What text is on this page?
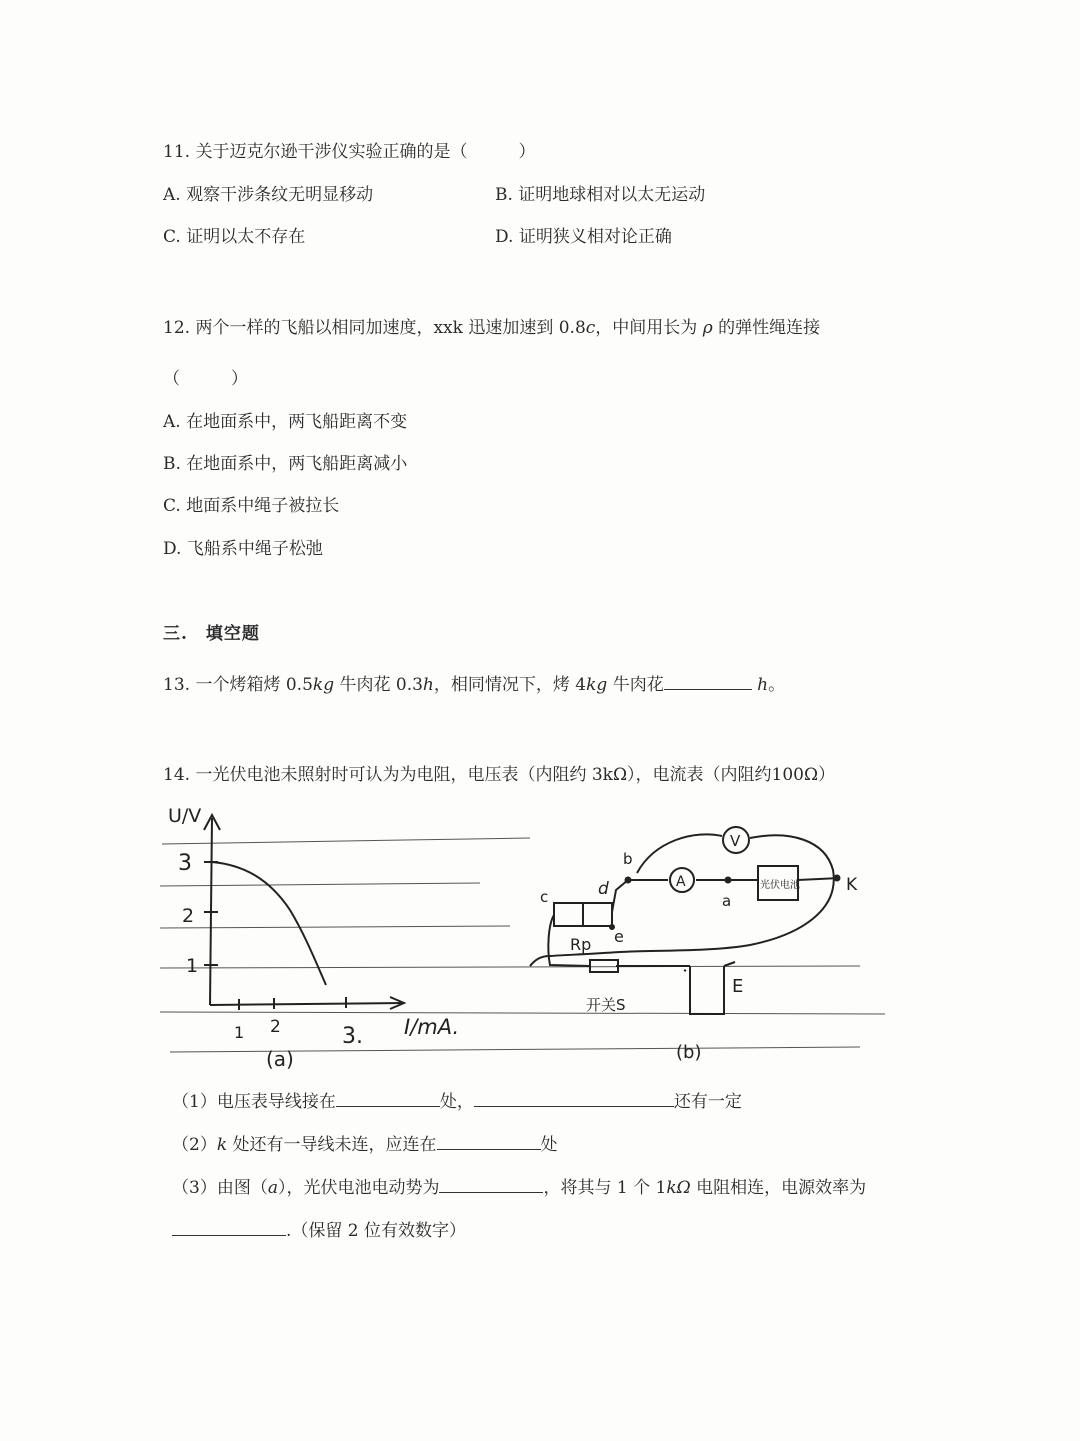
11. 关于迈克尔逊干涉仪实验正确的是（　　　）
A. 观察干涉条纹无明显移动	B. 证明地球相对以太无运动
C. 证明以太不存在	D. 证明狭义相对论正确
12. 两个一样的飞船以相同加速度，xxk 迅速加速到 0.8c，中间用长为 ρ 的弹性绳连接
（　　　）
A. 在地面系中，两飞船距离不变
B. 在地面系中，两飞船距离减小
C. 地面系中绳子被拉长
D. 飞船系中绳子松弛
三.　填空题
13. 一个烤箱烤 0.5kg 牛肉花 0.3h，相同情况下，烤 4kg 牛肉花	h。
14. 一光伏电池未照射时可认为为电阻，电压表（内阻约 3kΩ），电流表（内阻约100Ω）
U/V
3
2
1
1 2	3. I/mA.
(a)
V
A	光伏电池
b
d
c
e
a
K
Rp
开关S
E
(b)
（1）电压表导线接在	处，	还有一定
（2）k 处还有一导线未连，应连在	处
（3）由图（a），光伏电池电动势为	，将其与 1 个 1kΩ 电阻相连，电源效率为
.（保留 2 位有效数字）
